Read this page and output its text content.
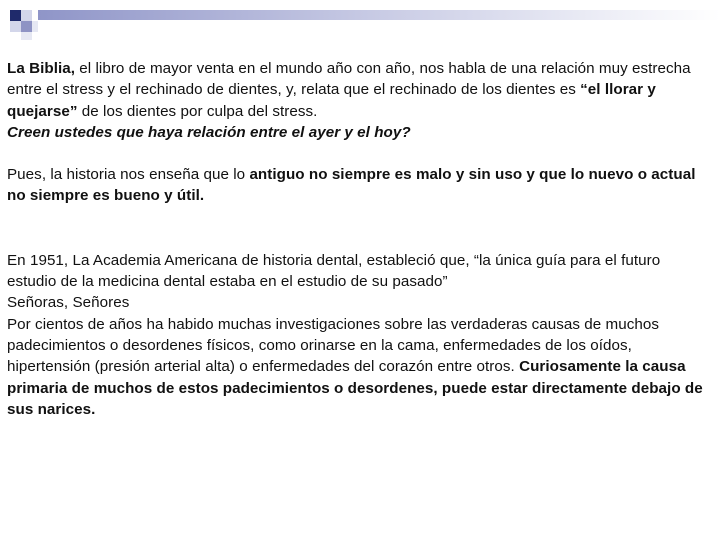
La Biblia, el libro de mayor venta en el mundo año con año, nos habla de una relación muy estrecha entre el stress y el rechinado de dientes, y, relata que el rechinado de los dientes es “el llorar y quejarse” de los dientes por culpa del stress.

Creen ustedes que haya relación entre el ayer y el hoy?

Pues, la historia nos enseña que lo antiguo no siempre es malo y sin uso y que lo nuevo o actual no siempre es bueno y útil.

En 1951, La Academia Americana de historia dental, estableció que, “la única guía para el futuro estudio de la medicina dental estaba en el estudio de su pasado”

Señoras, Señores

Por cientos de años ha habido muchas investigaciones sobre las verdaderas causas de muchos padecimientos o desordenes físicos, como orinarse en la cama, enfermedades de los oídos, hipertensión (presión arterial alta) o enfermedades del corazón entre otros. Curiosamente la causa primaria de muchos de estos padecimientos o desordenes, puede estar directamente debajo de sus narices.
